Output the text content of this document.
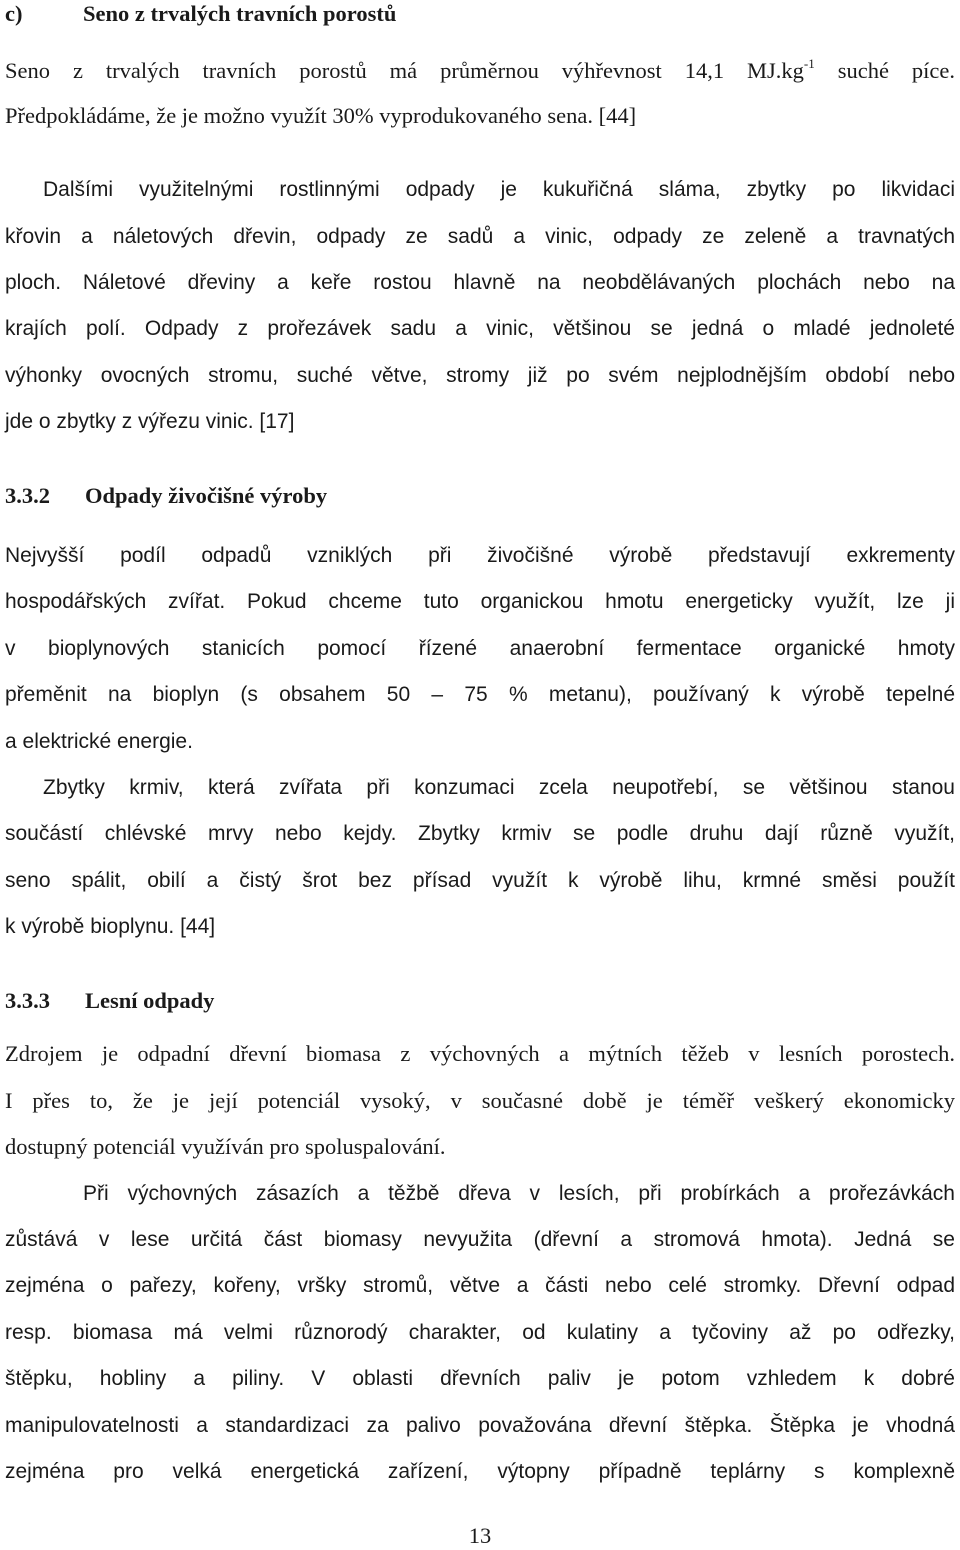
c)	Seno z trvalých travních porostů
Seno z trvalých travních porostů má průměrnou výhřevnost 14,1 $MJ.kg^{-1}$ suché píce.
Předpokládáme, že je možno využít 30% vyprodukovaného sena. [44]
Dalšími využitelnými rostlinnými odpady je kukuřičná sláma, zbytky po likvidaci
křovin a náletových dřevin, odpady ze sadů a vinic, odpady ze zeleně a travnatých
ploch. Náletové dřeviny a keře rostou hlavně na neobdělávaných plochách nebo na
krajích polí. Odpady z prořezávek sadu a vinic, většinou se jedná o mladé jednoleté
výhonky ovocných stromu, suché větve, stromy již po svém nejplodnějším období nebo
jde o zbytky z výřezu vinic. [17]
3.3.2 Odpady živočišné výroby
Nejvyšší podíl odpadů vzniklých při živočišné výrobě představují exkrementy
hospodářských zvířat. Pokud chceme tuto organickou hmotu energeticky využít, lze ji
v bioplynových stanicích pomocí řízené anaerobní fermentace organické hmoty
přeměnit na bioplyn (s obsahem 50 – 75 % metanu), používaný k výrobě tepelné
a elektrické energie.
Zbytky krmiv, která zvířata při konzumaci zcela neupotřebí, se většinou stanou
součástí chlévské mrvy nebo kejdy. Zbytky krmiv se podle druhu dají různě využít,
seno spálit, obilí a čistý šrot bez přísad využít k výrobě lihu, krmné směsi použít
k výrobě bioplynu. [44]
3.3.3 Lesní odpady
Zdrojem je odpadní dřevní biomasa z výchovných a mýtních těžeb v lesních porostech.
I přes to, že je její potenciál vysoký, v současné době je téměř veškerý ekonomicky
dostupný potenciál využíván pro spoluspalování.
Při výchovných zásazích a těžbě dřeva v lesích, při probírkách a prořezávkách
zůstává v lese určitá část biomasy nevyužita (dřevní a stromová hmota). Jedná se
zejména o pařezy, kořeny, vršky stromů, větve a části nebo celé stromky. Dřevní odpad
resp. biomasa má velmi různorodý charakter, od kulatiny a tyčoviny až po odřezky,
štěpku, hobliny a piliny. V oblasti dřevních paliv je potom vzhledem k dobré
manipulovatelnosti a standardizaci za palivo považována dřevní štěpka. Štěpka je vhodná
zejména pro velká energetická zařízení, výtopny případně teplárny s komplexně
13
